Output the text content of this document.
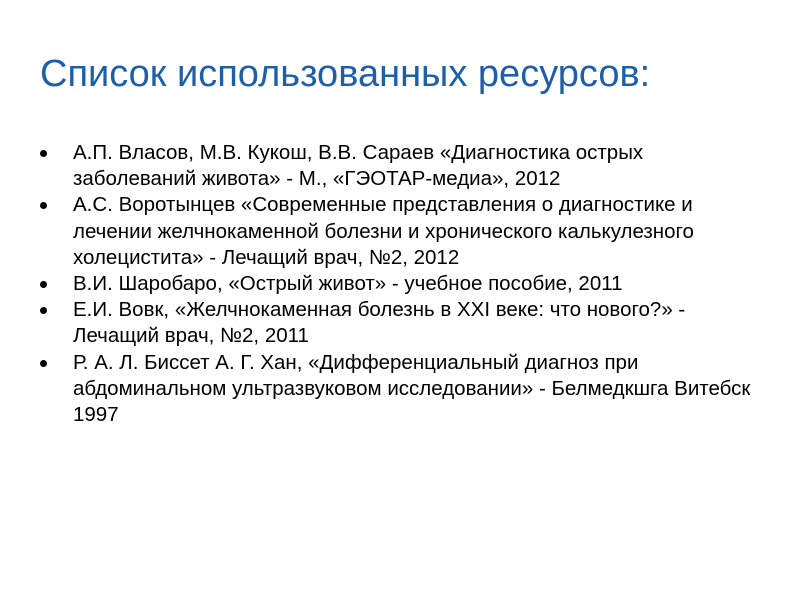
Список использованных ресурсов:
А.П. Власов, М.В. Кукош, В.В. Сараев «Диагностика острых заболеваний живота» - М., «ГЭОТАР-медиа», 2012
А.С. Воротынцев «Современные представления о диагностике и лечении желчнокаменной болезни и хронического калькулезного холецистита» - Лечащий врач, №2, 2012
В.И. Шаробаро, «Острый живот» - учебное пособие, 2011
Е.И. Вовк, «Желчнокаменная болезнь в XXI веке: что нового?» - Лечащий врач, №2, 2011
Р. А. Л. Биссет А. Г. Хан, «Дифференциальный диагноз при абдоминальном ультразвуковом исследовании» - Белмедкшга Витебск 1997
